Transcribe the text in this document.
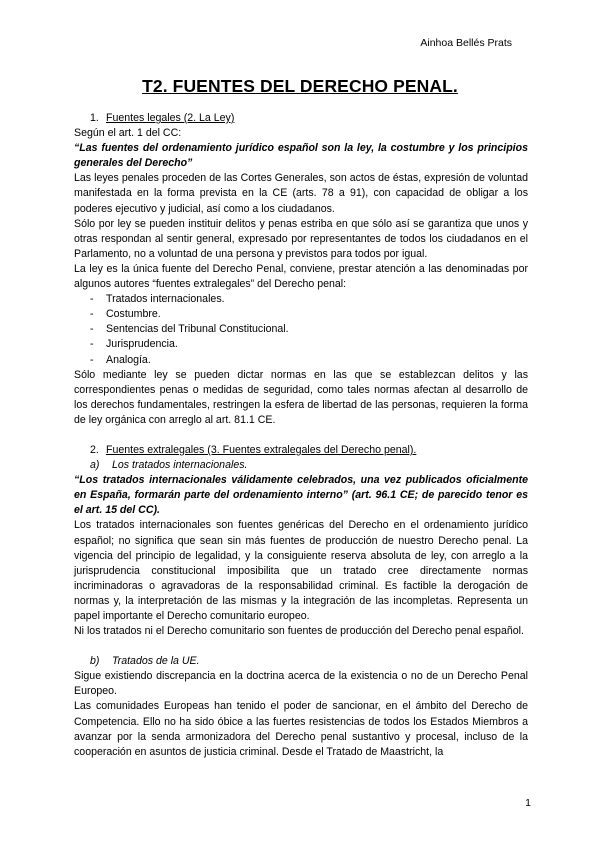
Ainhoa Bellés Prats
T2. FUENTES DEL DERECHO PENAL.

1. Fuentes legales (2. La Ley)

Según el art. 1 del CC:

“Las fuentes del ordenamiento jurídico español son la ley, la costumbre y los principios generales del Derecho”

Las leyes penales proceden de las Cortes Generales, son actos de éstas, expresión de voluntad manifestada en la forma prevista en la CE (arts. 78 a 91), con capacidad de obligar a los poderes ejecutivo y judicial, así como a los ciudadanos.

Sólo por ley se pueden instituir delitos y penas estriba en que sólo así se garantiza que unos y otras respondan al sentir general, expresado por representantes de todos los ciudadanos en el Parlamento, no a voluntad de una persona y previstos para todos por igual.

La ley es la única fuente del Derecho Penal, conviene, prestar atención a las denominadas por algunos autores “fuentes extralegales” del Derecho penal:

- Tratados internacionales.
- Costumbre.
- Sentencias del Tribunal Constitucional.
- Jurisprudencia.
- Analogía.

Sólo mediante ley se pueden dictar normas en las que se establezcan delitos y las correspondientes penas o medidas de seguridad, como tales normas afectan al desarrollo de los derechos fundamentales, restringen la esfera de libertad de las personas, requieren la forma de ley orgánica con arreglo al art. 81.1 CE.

2. Fuentes extralegales (3. Fuentes extralegales del Derecho penal).

a) Los tratados internacionales.

“Los tratados internacionales válidamente celebrados, una vez publicados oficialmente en España, formarán parte del ordenamiento interno” (art. 96.1 CE; de parecido tenor es el art. 15 del CC).

Los tratados internacionales son fuentes genéricas del Derecho en el ordenamiento jurídico español; no significa que sean sin más fuentes de producción de nuestro Derecho penal. La vigencia del principio de legalidad, y la consiguiente reserva absoluta de ley, con arreglo a la jurisprudencia constitucional imposibilita que un tratado cree directamente normas incriminadoras o agravadoras de la responsabilidad criminal. Es factible la derogación de normas y, la interpretación de las mismas y la integración de las incompletas. Representa un papel importante el Derecho comunitario europeo.

Ni los tratados ni el Derecho comunitario son fuentes de producción del Derecho penal español.

b) Tratados de la UE.

Sigue existiendo discrepancia en la doctrina acerca de la existencia o no de un Derecho Penal Europeo.

Las comunidades Europeas han tenido el poder de sancionar, en el ámbito del Derecho de Competencia. Ello no ha sido óbice a las fuertes resistencias de todos los Estados Miembros a avanzar por la senda armonizadora del Derecho penal sustantivo y procesal, incluso de la cooperación en asuntos de justicia criminal. Desde el Tratado de Maastricht, la

1
